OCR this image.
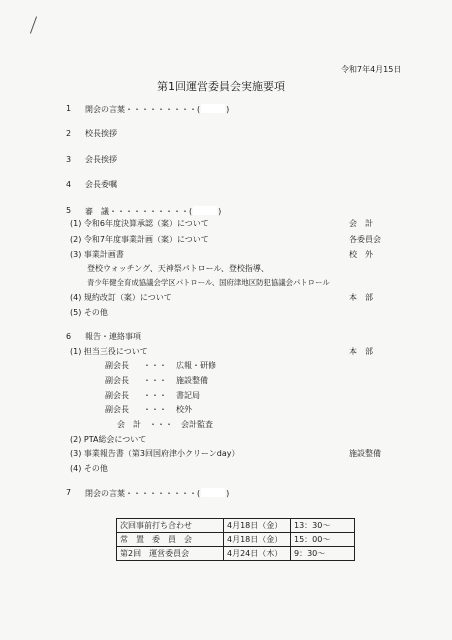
令和7年4月15日
第1回運営委員会実施要項
1 開会の言葉・・・・・・・・・(	)
2 校長挨拶
3 会長挨拶
4 会長委嘱
5 審　議・・・・・・・・・・(	)
(1) 令和6年度決算承認（案）について	会　計
(2) 令和7年度事業計画（案）について	各委員会
(3) 事業計画書	校　外
登校ウォッチング、天神祭パトロール、登校指導、
青少年健全育成協議会学区パトロール、国府津地区防犯協議会パトロール
(4) 規約改訂（案）について	本　部
(5) その他
6 報告・連絡事項
(1) 担当三役について	本　部
副会長 ・・・ 広報・研修
副会長 ・・・ 施設整備
副会長 ・・・ 書記局
副会長 ・・・ 校外
会　計 ・・・ 会計監査
(2) PTA総会について
(3) 事業報告書（第3回国府津小クリーンday）	施設整備
(4) その他
7 閉会の言葉・・・・・・・・・(	)
次回事前打ち合わせ	4月18日（金）	13：30～
常　置　委　員　会	4月18日（金）	15：00～
第2回　運営委員会	4月24日（木）	9：30～
